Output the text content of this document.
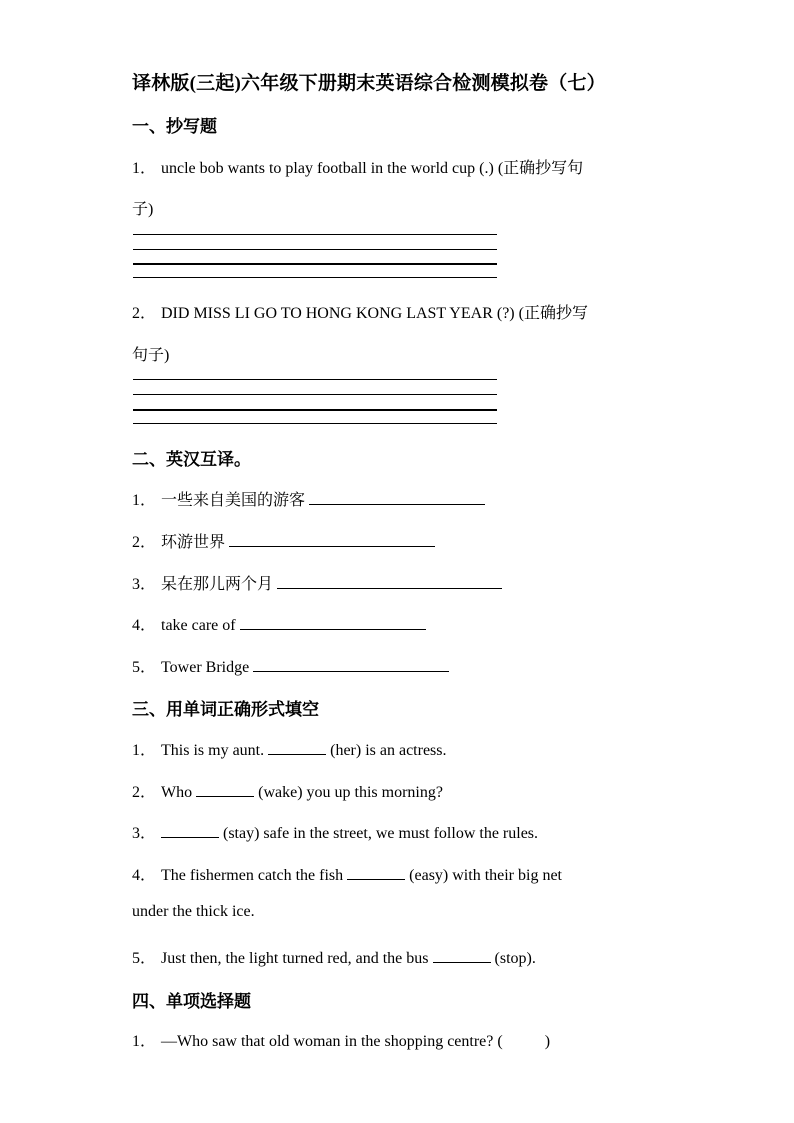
译林版(三起)六年级下册期末英语综合检测模拟卷（七）
一、抄写题
1． uncle bob wants to play football in the world cup (.) (正确抄写句
子)
2． DID MISS LI GO TO HONG KONG LAST YEAR (?) (正确抄写
句子)
二、英汉互译。
1． 一些来自美国的游客
2． 环游世界
3． 呆在那儿两个月
4． take care of
5． Tower Bridge
三、用单词正确形式填空
1． This is my aunt.	(her) is an actress.
2． Who	(wake) you up this morning?
3．	(stay) safe in the street, we must follow the rules.
4． The fishermen catch the fish	(easy) with their big net
under the thick ice.
5． Just then, the light turned red, and the bus	(stop).
四、单项选择题
1． —Who saw that old woman in the shopping centre? (	)
